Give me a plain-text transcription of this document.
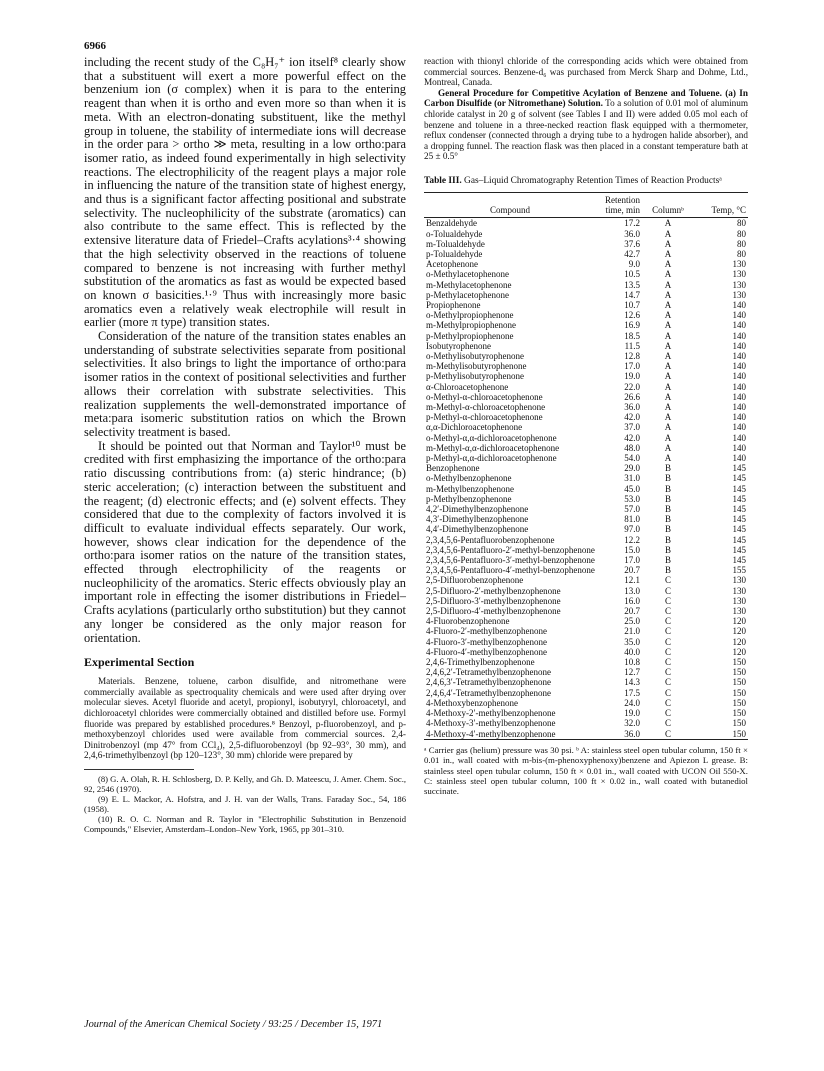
6966

including the recent study of the C₈H₇⁺ ion itself⁸ clearly show that a substituent will exert a more powerful effect on the benzenium ion (σ complex) when it is para to the entering reagent than when it is ortho and even more so than when it is meta. With an electron-donating substituent, like the methyl group in toluene, the stability of intermediate ions will decrease in the order para > ortho ≫ meta, resulting in a low ortho:para isomer ratio, as indeed found experimentally in high selectivity reactions. The electrophilicity of the reagent plays a major role in influencing the nature of the transition state of highest energy, and thus is a significant factor affecting positional and substrate selectivity. The nucleophilicity of the substrate (aromatics) can also contribute to the same effect. This is reflected by the extensive literature data of Friedel–Crafts acylations³·⁴ showing that the high selectivity observed in the reactions of toluene compared to benzene is not increasing with further methyl substitution of the aromatics as fast as would be expected based on known σ basicities.¹·⁹ Thus with increasingly more basic aromatics even a relatively weak electrophile will result in earlier (more π type) transition states.

Consideration of the nature of the transition states enables an understanding of substrate selectivities separate from positional selectivities. It also brings to light the importance of ortho:para isomer ratios in the context of positional selectivities and further allows their correlation with substrate selectivities. This realization supplements the well-demonstrated importance of meta:para isomeric substitution ratios on which the Brown selectivity treatment is based.

It should be pointed out that Norman and Taylor¹⁰ must be credited with first emphasizing the importance of the ortho:para ratio discussing contributions from: (a) steric hindrance; (b) steric acceleration; (c) interaction between the substituent and the reagent; (d) electronic effects; and (e) solvent effects. They considered that due to the complexity of factors involved it is difficult to evaluate individual effects separately. Our work, however, shows clear indication for the dependence of the ortho:para isomer ratios on the nature of the transition states, effected through electrophilicity of the reagents or nucleophilicity of the aromatics. Steric effects obviously play an important role in effecting the isomer distributions in Friedel–Crafts acylations (particularly ortho substitution) but they cannot any longer be considered as the only major reason for orientation.

Experimental Section

Materials. Benzene, toluene, carbon disulfide, and nitromethane were commercially available as spectroquality chemicals and were used after drying over molecular sieves. Acetyl fluoride and acetyl, propionyl, isobutyryl, chloroacetyl, and dichloroacetyl chlorides were commercially obtained and distilled before use. Formyl fluoride was prepared by established procedures.⁸ Benzoyl, p-fluorobenzoyl, and p-methoxybenzoyl chlorides used were available from commercial sources. 2,4-Dinitrobenzoyl (mp 47° from CCl₄), 2,5-difluorobenzoyl (bp 92–93°, 30 mm), and 2,4,6-trimethylbenzoyl (bp 120–123°, 30 mm) chloride were prepared by

(8) G. A. Olah, R. H. Schlosberg, D. P. Kelly, and Gh. D. Mateescu, J. Amer. Chem. Soc., 92, 2546 (1970).

(9) E. L. Mackor, A. Hofstra, and J. H. van der Walls, Trans. Faraday Soc., 54, 186 (1958).

(10) R. O. C. Norman and R. Taylor in "Electrophilic Substitution in Benzenoid Compounds," Elsevier, Amsterdam–London–New York, 1965, pp 301–310.

reaction with thionyl chloride of the corresponding acids which were obtained from commercial sources. Benzene-d₆ was purchased from Merck Sharp and Dohme, Ltd., Montreal, Canada.

General Procedure for Competitive Acylation of Benzene and Toluene. (a) In Carbon Disulfide (or Nitromethane) Solution. To a solution of 0.01 mol of aluminum chloride catalyst in 20 g of solvent (see Tables I and II) were added 0.05 mol each of benzene and toluene in a three-necked reaction flask equipped with a thermometer, reflux condenser (connected through a drying tube to a hydrogen halide absorber), and a dropping funnel. The reaction flask was then placed in a constant temperature bath at 25 ± 0.5°

Table III. Gas–Liquid Chromatography Retention Times of Reaction Productsᵃ
Compound	Retention time, min	Columnᵇ	Temp, °C
Benzaldehyde	17.2	A	80
o-Tolualdehyde	36.0	A	80
m-Tolualdehyde	37.6	A	80
p-Tolualdehyde	42.7	A	80
Acetophenone	9.0	A	130
o-Methylacetophenone	10.5	A	130
m-Methylacetophenone	13.5	A	130
p-Methylacetophenone	14.7	A	130
Propiophenone	10.7	A	140
o-Methylpropiophenone	12.6	A	140
m-Methylpropiophenone	16.9	A	140
p-Methylpropiophenone	18.5	A	140
Isobutyrophenone	11.5	A	140
o-Methylisobutyrophenone	12.8	A	140
m-Methylisobutyrophenone	17.0	A	140
p-Methylisobutyrophenone	19.0	A	140
α-Chloroacetophenone	22.0	A	140
o-Methyl-α-chloroacetophenone	26.6	A	140
m-Methyl-α-chloroacetophenone	36.0	A	140
p-Methyl-α-chloroacetophenone	42.0	A	140
α,α-Dichloroacetophenone	37.0	A	140
o-Methyl-α,α-dichloroacetophenone	42.0	A	140
m-Methyl-α,α-dichloroacetophenone	48.0	A	140
p-Methyl-α,α-dichloroacetophenone	54.0	A	140
Benzophenone	29.0	B	145
o-Methylbenzophenone	31.0	B	145
m-Methylbenzophenone	45.0	B	145
p-Methylbenzophenone	53.0	B	145
4,2′-Dimethylbenzophenone	57.0	B	145
4,3′-Dimethylbenzophenone	81.0	B	145
4,4′-Dimethylbenzophenone	97.0	B	145
2,3,4,5,6-Pentafluorobenzophenone	12.2	B	145
2,3,4,5,6-Pentafluoro-2′-methyl-benzophenone	15.0	B	145
2,3,4,5,6-Pentafluoro-3′-methyl-benzophenone	17.0	B	145
2,3,4,5,6-Pentafluoro-4′-methyl-benzophenone	20.7	B	155
2,5-Difluorobenzophenone	12.1	C	130
2,5-Difluoro-2′-methylbenzophenone	13.0	C	130
2,5-Difluoro-3′-methylbenzophenone	16.0	C	130
2,5-Difluoro-4′-methylbenzophenone	20.7	C	130
4-Fluorobenzophenone	25.0	C	120
4-Fluoro-2′-methylbenzophenone	21.0	C	120
4-Fluoro-3′-methylbenzophenone	35.0	C	120
4-Fluoro-4′-methylbenzophenone	40.0	C	120
2,4,6-Trimethylbenzophenone	10.8	C	150
2,4,6,2′-Tetramethylbenzophenone	12.7	C	150
2,4,6,3′-Tetramethylbenzophenone	14.3	C	150
2,4,6,4′-Tetramethylbenzophenone	17.5	C	150
4-Methoxybenzophenone	24.0	C	150
4-Methoxy-2′-methylbenzophenone	19.0	C	150
4-Methoxy-3′-methylbenzophenone	32.0	C	150
4-Methoxy-4′-methylbenzophenone	36.0	C	150

ᵃ Carrier gas (helium) pressure was 30 psi. ᵇ A: stainless steel open tubular column, 150 ft × 0.01 in., wall coated with m-bis-(m-phenoxyphenoxy)benzene and Apiezon L grease. B: stainless steel open tubular column, 150 ft × 0.01 in., wall coated with UCON Oil 550-X. C: stainless steel open tubular column, 100 ft × 0.02 in., wall coated with butanediol succinate.

Journal of the American Chemical Society / 93:25 / December 15, 1971
